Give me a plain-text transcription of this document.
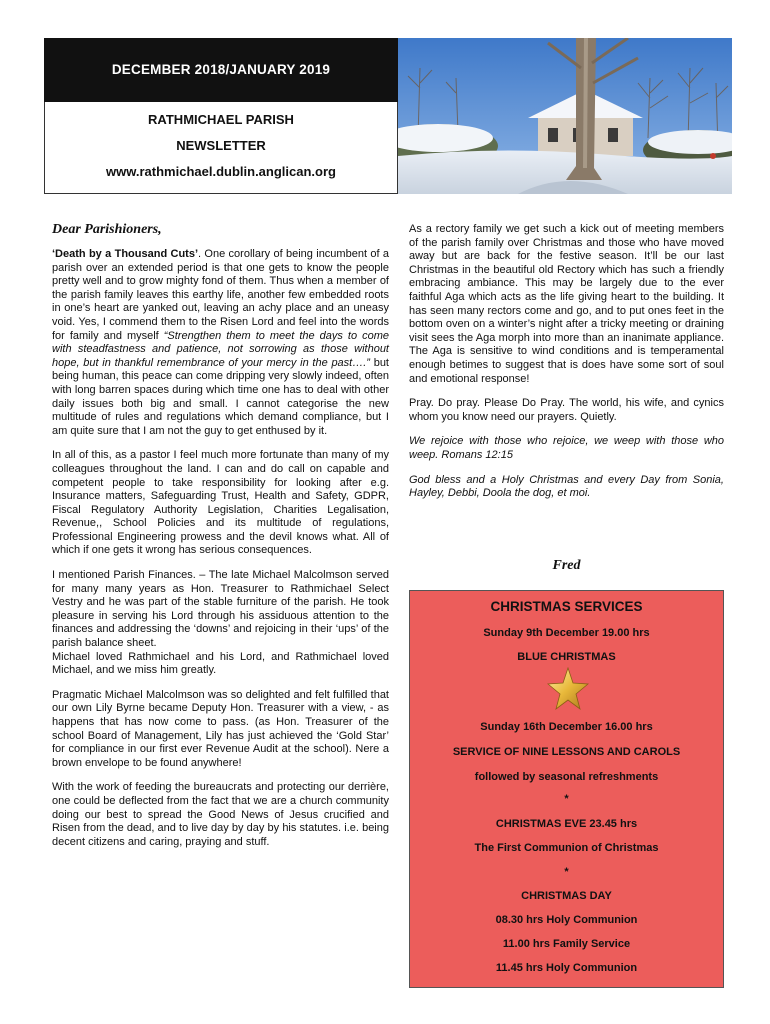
DECEMBER 2018/JANUARY 2019
RATHMICHAEL PARISH
NEWSLETTER
www.rathmichael.dublin.anglican.org
Dear Parishioners,

‘Death by a Thousand Cuts’. One corollary of being incumbent of a parish over an extended period is that one gets to know the people pretty well and to grow mighty fond of them. Thus when a member of the parish family leaves this earthy life, another few embedded roots in one’s heart are yanked out, leaving an achy place and an uneasy void. Yes, I commend them to the Risen Lord and feel into the words for family and myself “Strengthen them to meet the days to come with steadfastness and patience, not sorrowing as those without hope, but in thankful remembrance of your mercy in the past….” but being human, this peace can come dripping very slowly indeed, often with long barren spaces during which time one has to deal with other daily issues both big and small. I cannot categorise the new multitude of rules and regulations which demand compliance, but I am quite sure that I am not the guy to get enthused by it.

In all of this, as a pastor I feel much more fortunate than many of my colleagues throughout the land. I can and do call on capable and competent people to take responsibility for looking after e.g. Insurance matters, Safeguarding Trust, Health and Safety, GDPR, Fiscal Regulatory Authority Legislation, Charities Legalisation, Revenue,, School Policies and its multitude of regulations, Professional Engineering prowess and the devil knows what. All of which if one gets it wrong has serious consequences.

I mentioned Parish Finances. – The late Michael Malcolmson served for many many years as Hon. Treasurer to Rathmichael Select Vestry and he was part of the stable furniture of the parish. He took pleasure in serving his Lord through his assiduous attention to the finances and addressing the ‘downs’ and rejoicing in their ‘ups’ of the parish balance sheet.

Michael loved Rathmichael and his Lord, and Rathmichael loved Michael, and we miss him greatly.

Pragmatic Michael Malcolmson was so delighted and felt fulfilled that our own Lily Byrne became Deputy Hon. Treasurer with a view, - as happens that has now come to pass. (as Hon. Treasurer of the school Board of Management, Lily has just achieved the ‘Gold Star’ for compliance in our first ever Revenue Audit at the school). Nere a brown envelope to be found anywhere!

With the work of feeding the bureaucrats and protecting our derrière, one could be deflected from the fact that we are a church community doing our best to spread the Good News of Jesus crucified and Risen from the dead, and to live day by day by his statutes. i.e. being decent citizens and caring, praying and stuff.

As a rectory family we get such a kick out of meeting members of the parish family over Christmas and those who have moved away but are back for the festive season. It’ll be our last Christmas in the beautiful old Rectory which has such a friendly embracing ambiance. This may be largely due to the ever faithful Aga which acts as the life giving heart to the building. It has seen many rectors come and go, and to put ones feet in the bottom oven on a winter’s night after a tricky meeting or draining visit sees the Aga morph into more than an inanimate appliance. The Aga is sensitive to wind conditions and is temperamental enough betimes to suggest that is does have some sort of soul and emotional response!

Pray. Do pray. Please Do Pray. The world, his wife, and cynics whom you know need our prayers. Quietly.

We rejoice with those who rejoice, we weep with those who weep. Romans 12:15

God bless and a Holy Christmas and every Day from Sonia, Hayley, Debbi, Doola the dog, et moi.

Fred
CHRISTMAS SERVICES
Sunday 9th December 19.00 hrs
BLUE CHRISTMAS
Sunday 16th December 16.00 hrs
SERVICE OF NINE LESSONS AND CAROLS
followed by seasonal refreshments
*
CHRISTMAS EVE 23.45 hrs
The First Communion of Christmas
*
CHRISTMAS DAY
08.30 hrs Holy Communion
11.00 hrs Family Service
11.45 hrs Holy Communion
